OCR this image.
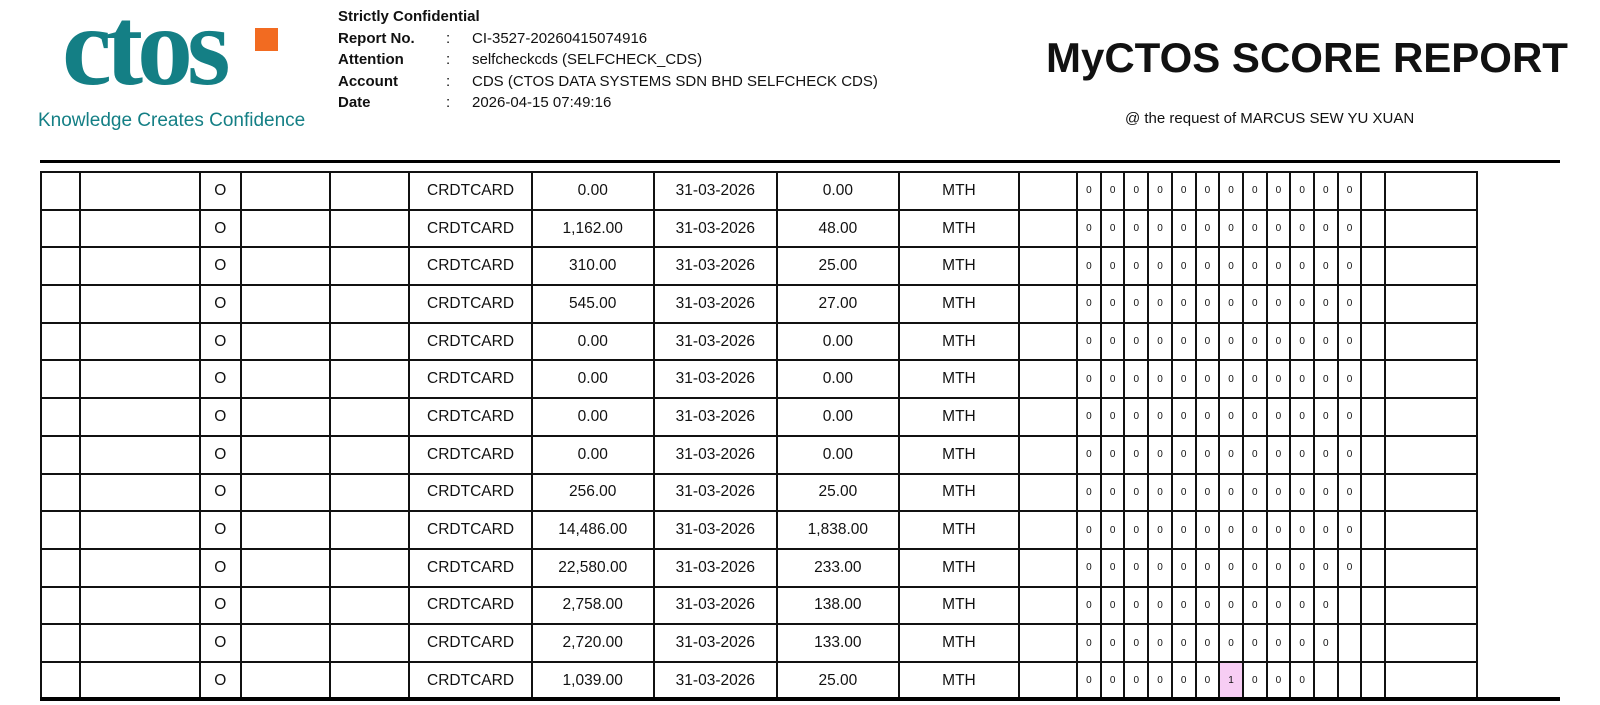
ctos
Knowledge Creates Confidence
Strictly Confidential
Report No.	:	CI-3527-20260415074916
Attention	:	selfcheckcds (SELFCHECK_CDS)
Account	:	CDS (CTOS DATA SYSTEMS SDN BHD SELFCHECK CDS)
Date	:	2026-04-15 07:49:16
MyCTOS SCORE REPORT
@ the request of MARCUS SEW YU XUAN
		O			CRDTCARD	0.00	31-03-2026	0.00	MTH		0	0	0	0	0	0	0	0	0	0	0	0		
		O			CRDTCARD	1,162.00	31-03-2026	48.00	MTH		0	0	0	0	0	0	0	0	0	0	0	0		
		O			CRDTCARD	310.00	31-03-2026	25.00	MTH		0	0	0	0	0	0	0	0	0	0	0	0		
		O			CRDTCARD	545.00	31-03-2026	27.00	MTH		0	0	0	0	0	0	0	0	0	0	0	0		
		O			CRDTCARD	0.00	31-03-2026	0.00	MTH		0	0	0	0	0	0	0	0	0	0	0	0		
		O			CRDTCARD	0.00	31-03-2026	0.00	MTH		0	0	0	0	0	0	0	0	0	0	0	0		
		O			CRDTCARD	0.00	31-03-2026	0.00	MTH		0	0	0	0	0	0	0	0	0	0	0	0		
		O			CRDTCARD	0.00	31-03-2026	0.00	MTH		0	0	0	0	0	0	0	0	0	0	0	0		
		O			CRDTCARD	256.00	31-03-2026	25.00	MTH		0	0	0	0	0	0	0	0	0	0	0	0		
		O			CRDTCARD	14,486.00	31-03-2026	1,838.00	MTH		0	0	0	0	0	0	0	0	0	0	0	0		
		O			CRDTCARD	22,580.00	31-03-2026	233.00	MTH		0	0	0	0	0	0	0	0	0	0	0	0		
		O			CRDTCARD	2,758.00	31-03-2026	138.00	MTH		0	0	0	0	0	0	0	0	0	0	0			
		O			CRDTCARD	2,720.00	31-03-2026	133.00	MTH		0	0	0	0	0	0	0	0	0	0	0			
		O			CRDTCARD	1,039.00	31-03-2026	25.00	MTH		0	0	0	0	0	0	1	0	0	0				
